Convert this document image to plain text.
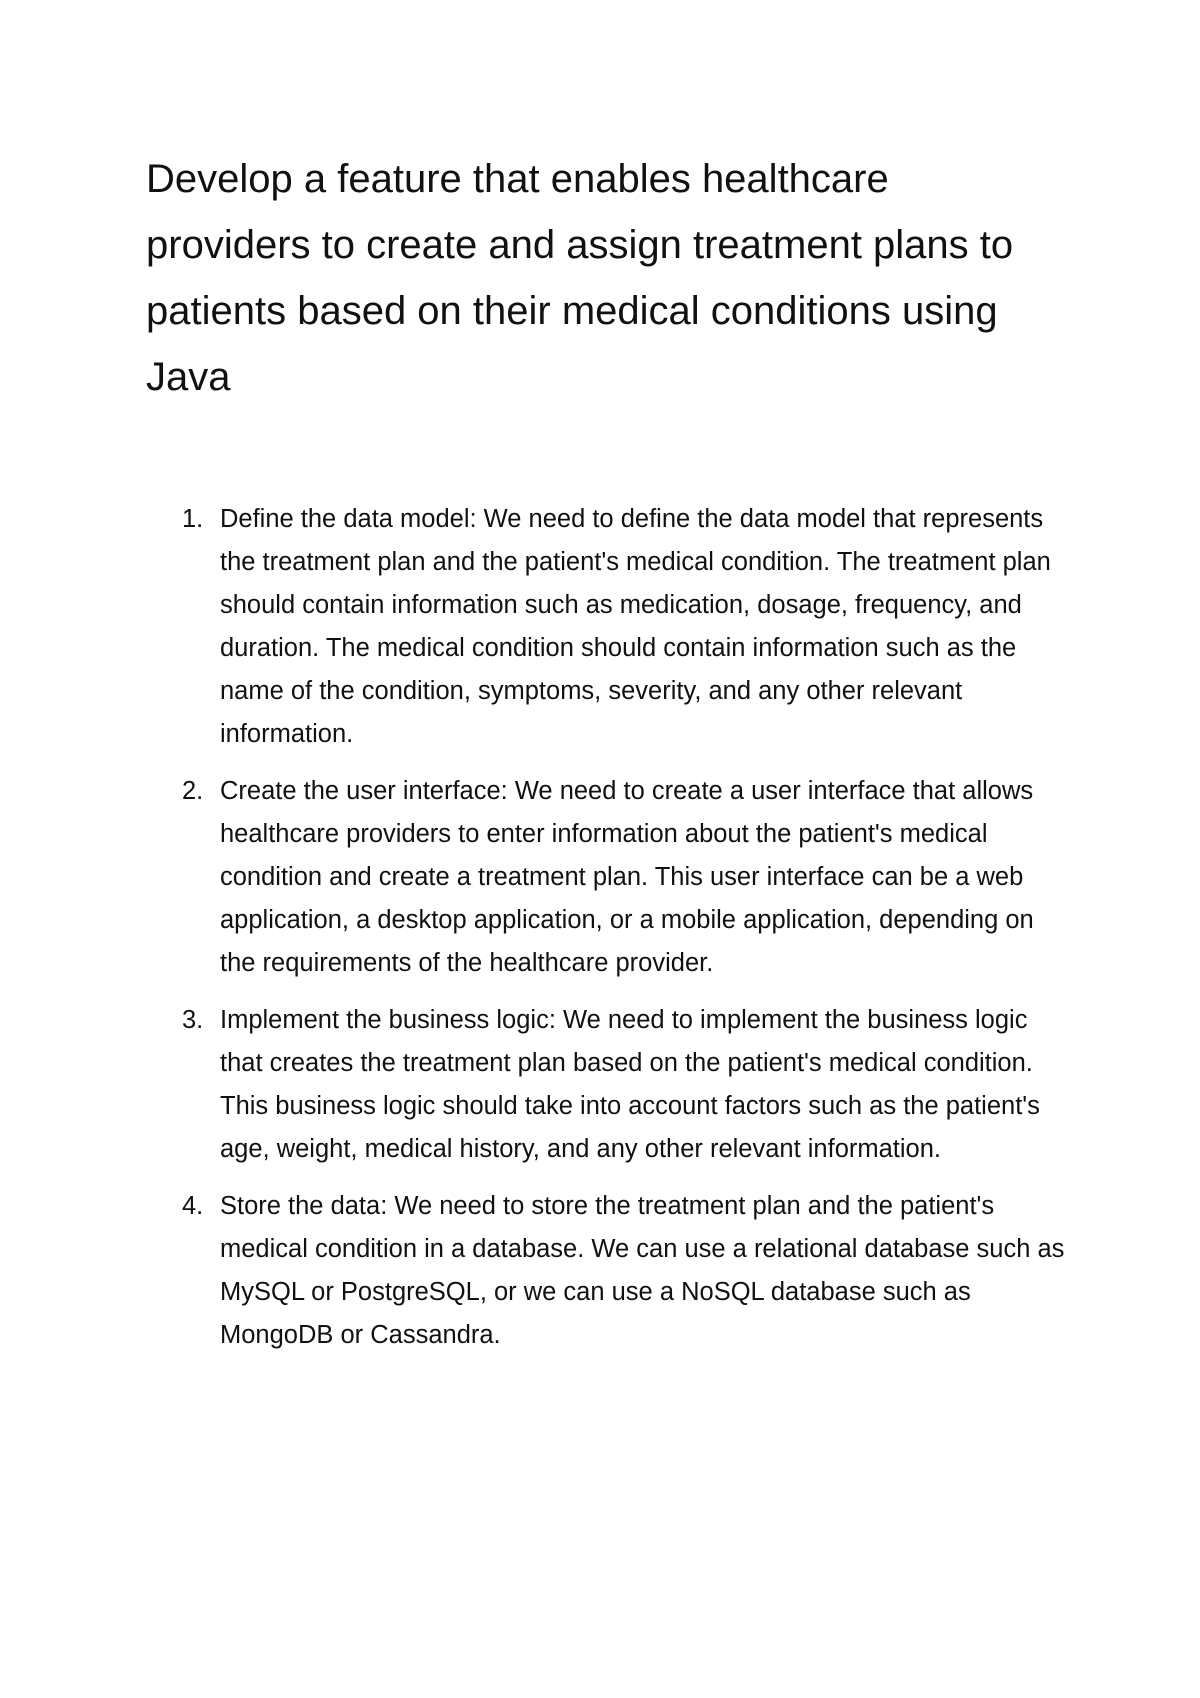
Develop a feature that enables healthcare providers to create and assign treatment plans to patients based on their medical conditions using Java
1. Define the data model: We need to define the data model that represents the treatment plan and the patient's medical condition. The treatment plan should contain information such as medication, dosage, frequency, and duration. The medical condition should contain information such as the name of the condition, symptoms, severity, and any other relevant information.
2. Create the user interface: We need to create a user interface that allows healthcare providers to enter information about the patient's medical condition and create a treatment plan. This user interface can be a web application, a desktop application, or a mobile application, depending on the requirements of the healthcare provider.
3. Implement the business logic: We need to implement the business logic that creates the treatment plan based on the patient's medical condition. This business logic should take into account factors such as the patient's age, weight, medical history, and any other relevant information.
4. Store the data: We need to store the treatment plan and the patient's medical condition in a database. We can use a relational database such as MySQL or PostgreSQL, or we can use a NoSQL database such as MongoDB or Cassandra.
